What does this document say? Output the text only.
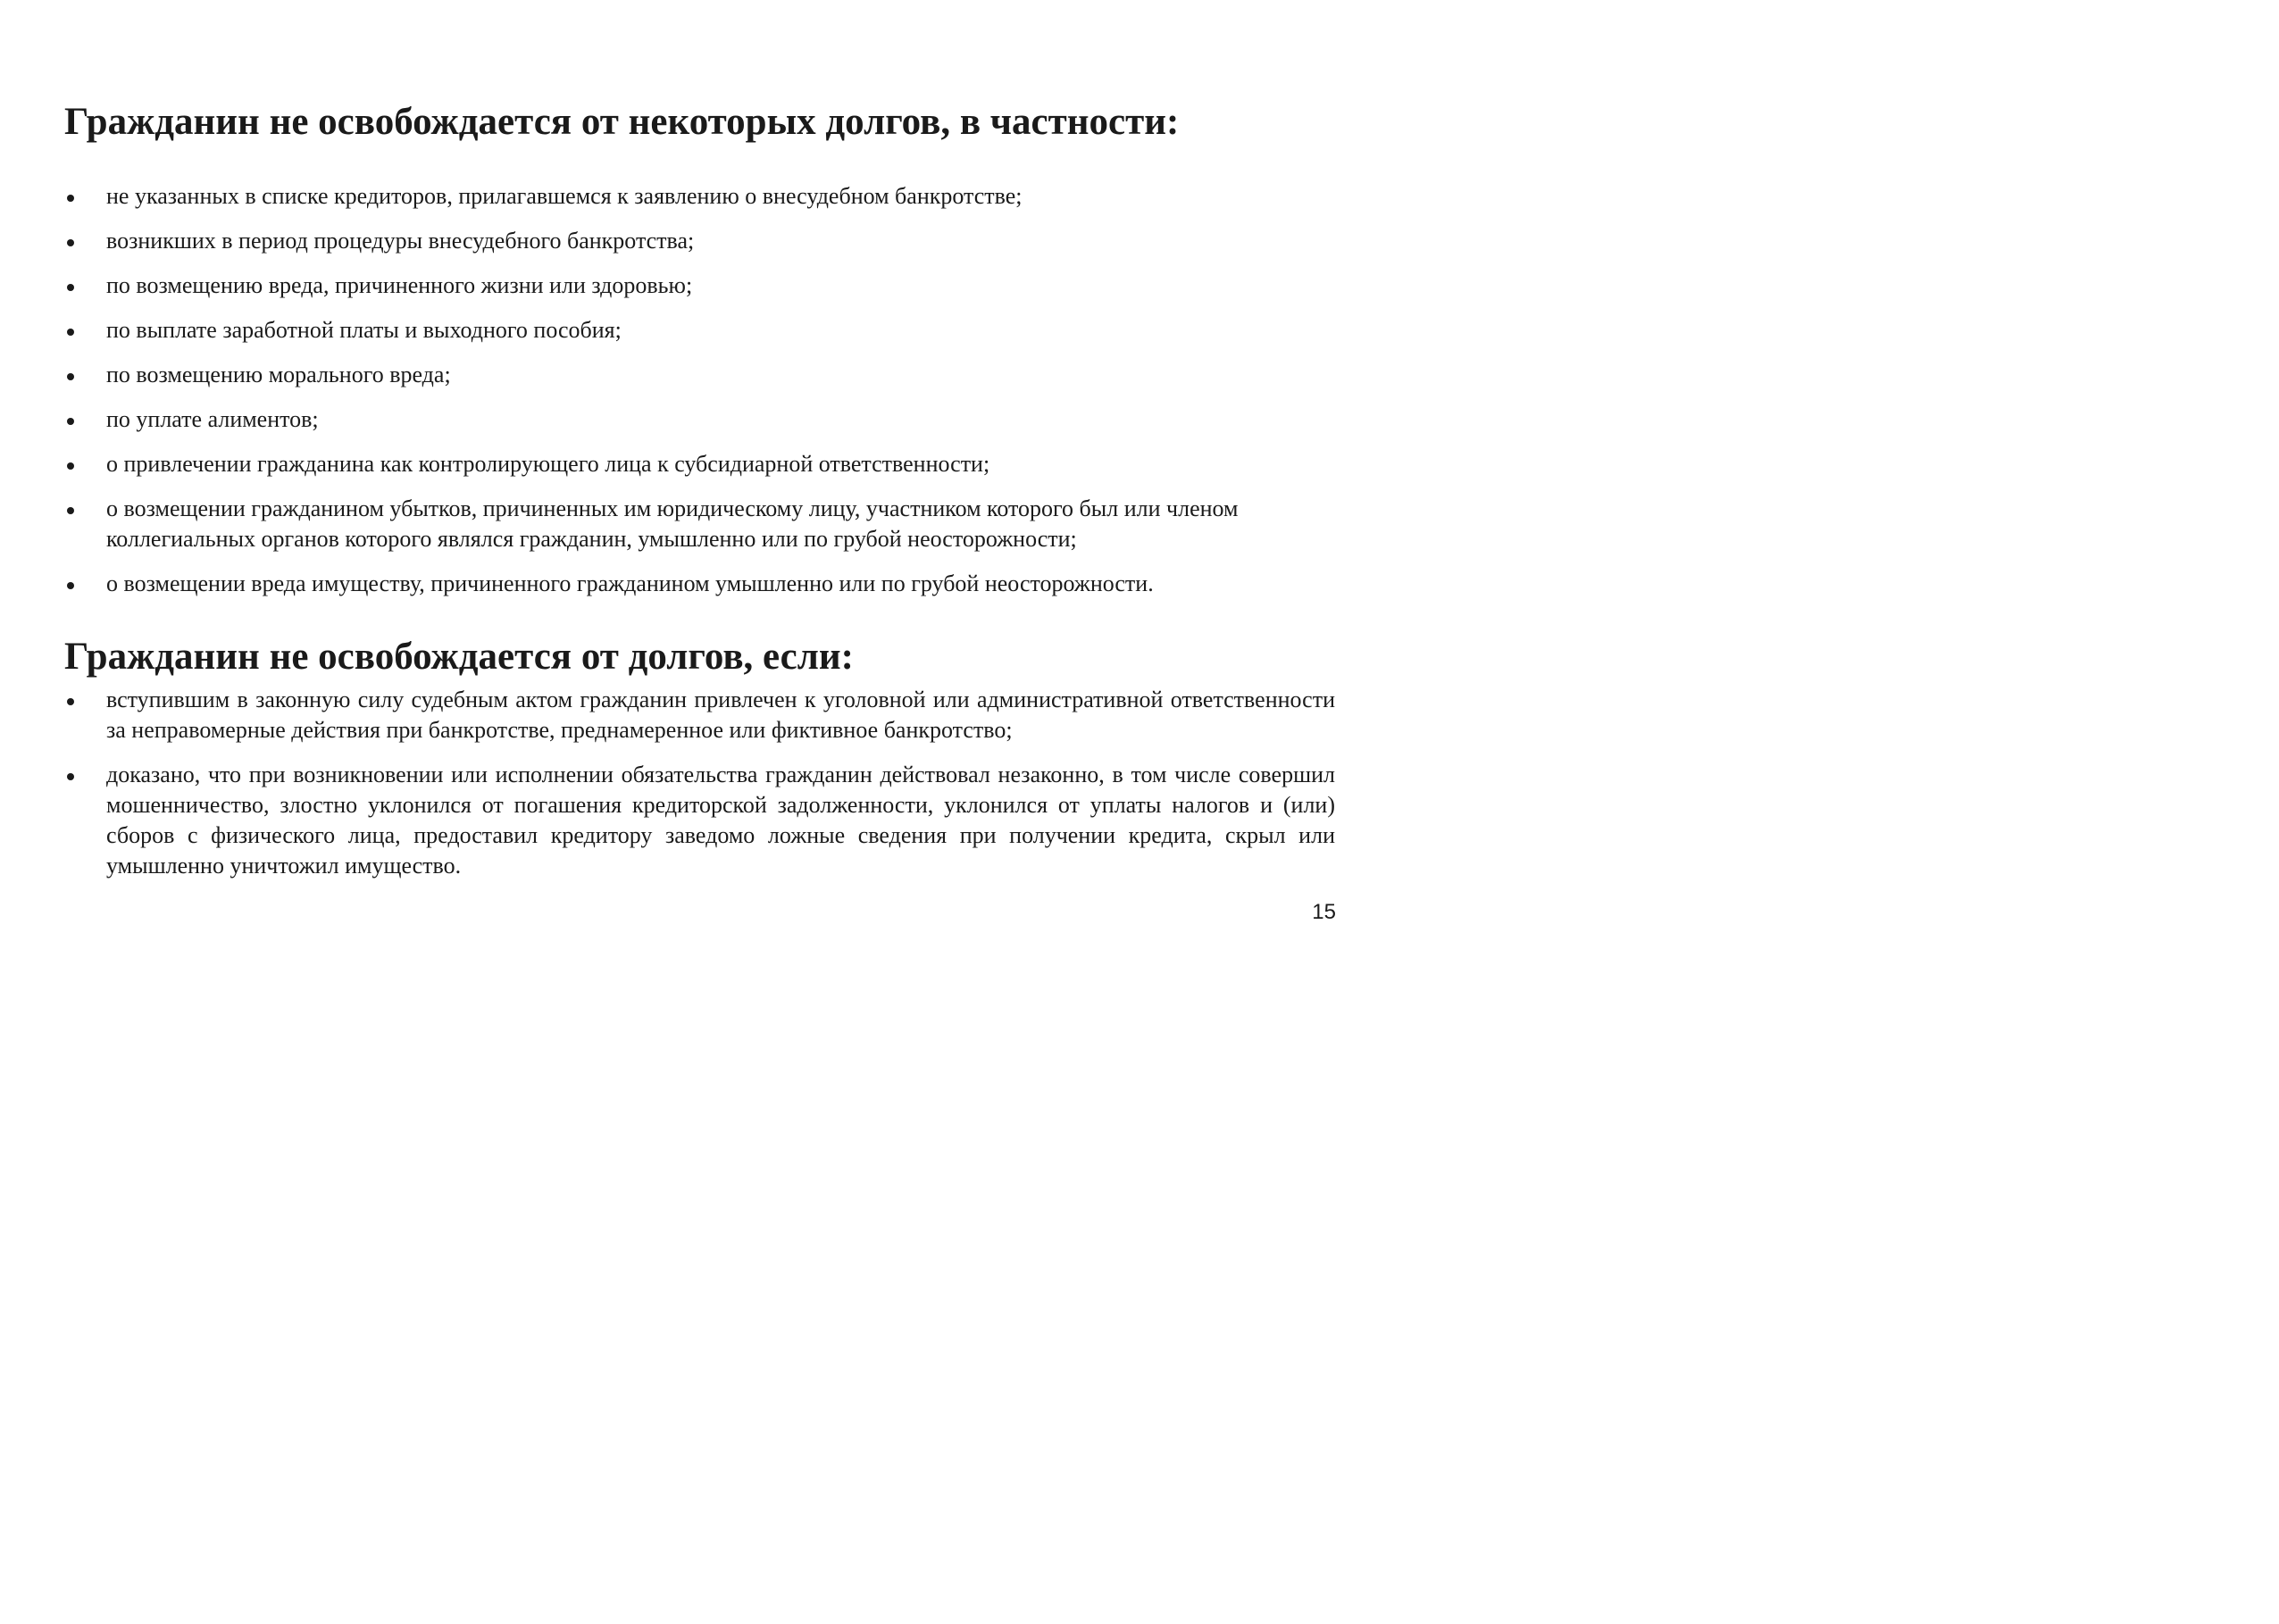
Гражданин не освобождается от некоторых долгов, в частности:
не указанных в списке кредиторов, прилагавшемся к заявлению о внесудебном банкротстве;
возникших в период процедуры внесудебного банкротства;
по возмещению вреда, причиненного жизни или здоровью;
по выплате заработной платы и выходного пособия;
по возмещению морального вреда;
по уплате алиментов;
о привлечении гражданина как контролирующего лица к субсидиарной ответственности;
о возмещении гражданином убытков, причиненных им юридическому лицу, участником которого был или членом коллегиальных органов которого являлся гражданин, умышленно или по грубой неосторожности;
о возмещении вреда имуществу, причиненного гражданином умышленно или по грубой неосторожности.
Гражданин не освобождается от долгов, если:
вступившим в законную силу судебным актом гражданин привлечен к уголовной или административной ответственности за неправомерные действия при банкротстве, преднамеренное или фиктивное банкротство;
доказано, что при возникновении или исполнении обязательства гражданин действовал незаконно, в том числе совершил мошенничество, злостно уклонился от погашения кредиторской задолженности, уклонился от уплаты налогов и (или) сборов с физического лица, предоставил кредитору заведомо ложные сведения при получении кредита, скрыл или умышленно уничтожил имущество.
15
